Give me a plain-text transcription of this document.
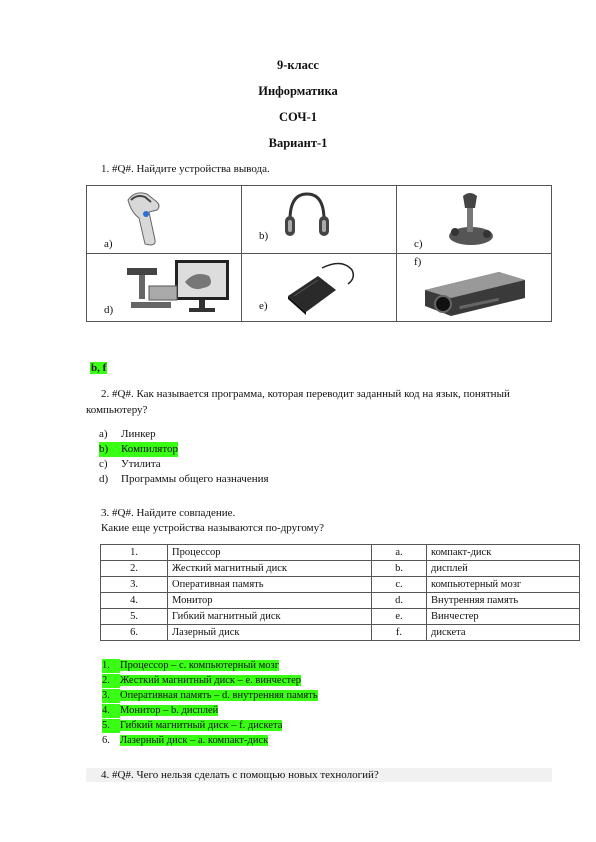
9-класс
Информатика
СОЧ-1
Вариант-1
1. #Q#. Найдите устройства вывода.
a)	b)	c)

d)	e)	f)
b, f
2. #Q#. Как называется программа, которая переводит заданный код на язык, понятный
компьютеру?
a) Линкер
b) Компилятор
c) Утилита
d) Программы общего назначения
3. #Q#. Найдите совпадение.
Какие еще устройства называются по-другому?
1.	Процессор	a.	компакт-диск
2.	Жесткий магнитный диск	b.	дисплей
3.	Оперативная память	c.	компьютерный мозг
4.	Монитор	d.	Внутренняя память
5.	Гибкий магнитный диск	e.	Винчестер
6.	Лазерный диск	f.	дискета
1. Процессор – c. компьютерный мозг
2. Жесткий магнитный диск – e. винчестер
3. Оперативная память – d. внутренняя память
4. Монитор – b. дисплей
5. Гибкий магнитный диск – f. дискета
6. Лазерный диск – a. компакт-диск
4. #Q#. Чего нельзя сделать с помощью новых технологий?
